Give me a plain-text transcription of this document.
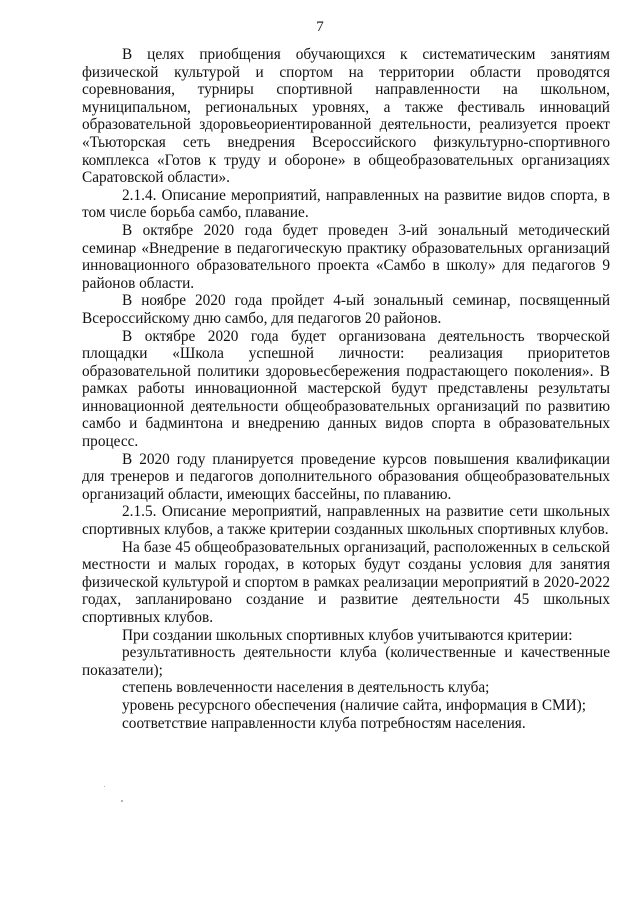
7

В целях приобщения обучающихся к систематическим занятиям физической культурой и спортом на территории области проводятся соревнования, турниры спортивной направленности на школьном, муниципальном, региональных уровнях, а также фестиваль инноваций образовательной здоровьеориентированной деятельности, реализуется проект «Тьюторская сеть внедрения Всероссийского физкультурно-спортивного комплекса «Готов к труду и обороне» в общеобразовательных организациях Саратовской области».

2.1.4. Описание мероприятий, направленных на развитие видов спорта, в том числе борьба самбо, плавание.

В октябре 2020 года будет проведен 3-ий зональный методический семинар «Внедрение в педагогическую практику образовательных организаций инновационного образовательного проекта «Самбо в школу» для педагогов 9 районов области.

В ноябре 2020 года пройдет 4-ый зональный семинар, посвященный Всероссийскому дню самбо, для педагогов 20 районов.

В октябре 2020 года будет организована деятельность творческой площадки «Школа успешной личности: реализация приоритетов образовательной политики здоровьесбережения подрастающего поколения». В рамках работы инновационной мастерской будут представлены результаты инновационной деятельности общеобразовательных организаций по развитию самбо и бадминтона и внедрению данных видов спорта в образовательных процесс.

В 2020 году планируется проведение курсов повышения квалификации для тренеров и педагогов дополнительного образования общеобразовательных организаций области, имеющих бассейны, по плаванию.

2.1.5. Описание мероприятий, направленных на развитие сети школьных спортивных клубов, а также критерии созданных школьных спортивных клубов.

На базе 45 общеобразовательных организаций, расположенных в сельской местности и малых городах, в которых будут созданы условия для занятия физической культурой и спортом в рамках реализации мероприятий в 2020-2022 годах, запланировано создание и развитие деятельности 45 школьных спортивных клубов.

При создании школьных спортивных клубов учитываются критерии:

результативность деятельности клуба (количественные и качественные показатели);

степень вовлеченности населения в деятельность клуба;

уровень ресурсного обеспечения (наличие сайта, информация в СМИ);

соответствие направленности клуба потребностям населения.
